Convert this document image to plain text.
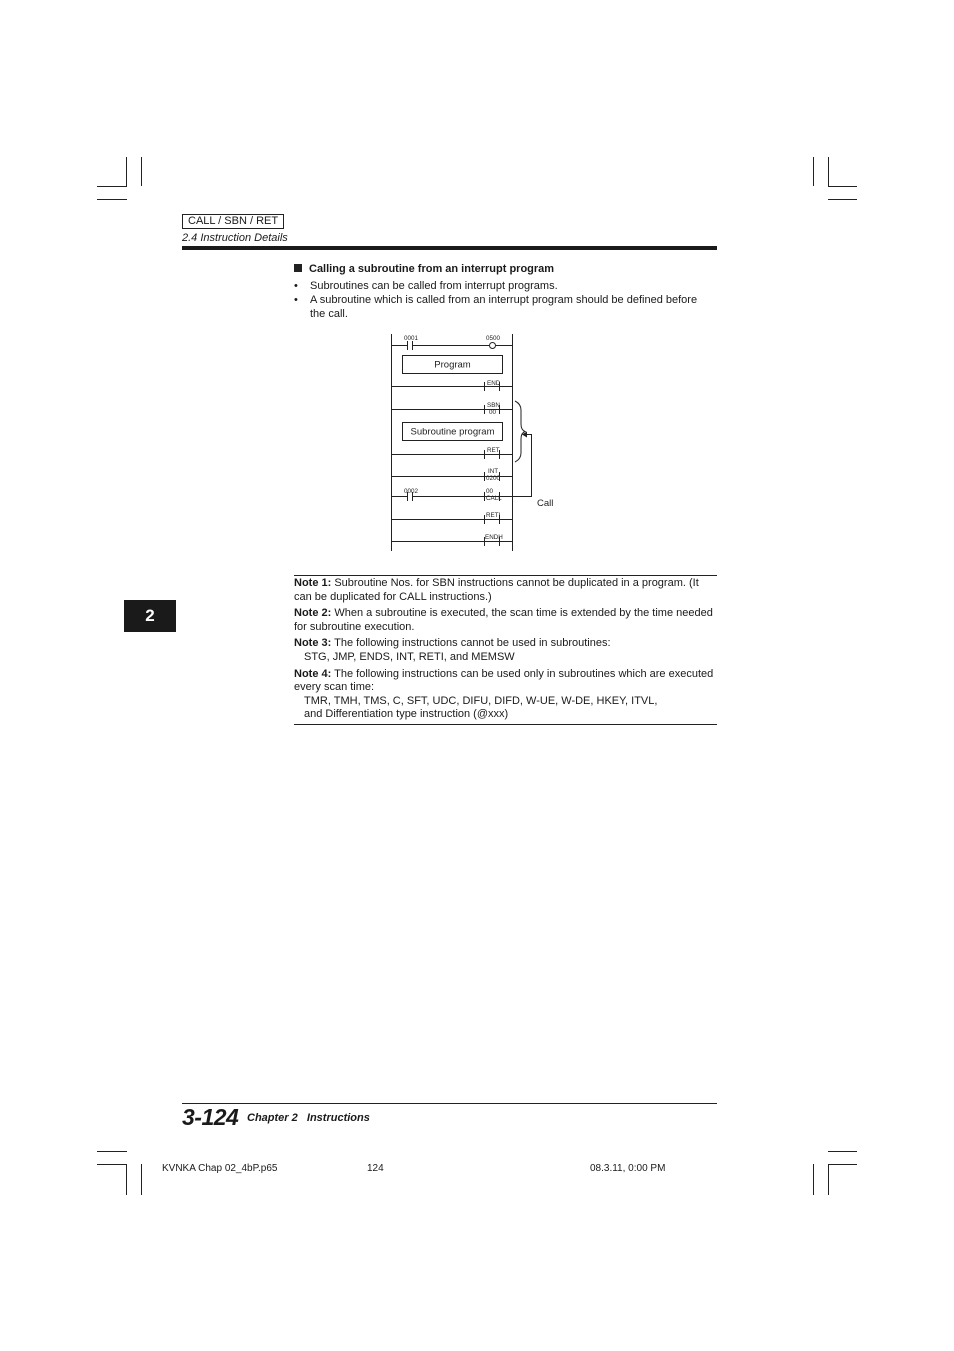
CALL / SBN / RET
2.4 Instruction Details
Calling a subroutine from an interrupt program
• Subroutines can be called from interrupt programs.
• A subroutine which is called from an interrupt program should be defined before the call.
0001	0500
END
SBN
00
RET
INT
0200
0002	00
CALL
RETI
ENDH
Program
Subroutine program
Call
Note 1: Subroutine Nos. for SBN instructions cannot be duplicated in a program. (It can be duplicated for CALL instructions.)
Note 2: When a subroutine is executed, the scan time is extended by the time needed for subroutine execution.
Note 3: The following instructions cannot be used in subroutines:
STG, JMP, ENDS, INT, RETI, and MEMSW
Note 4: The following instructions can be used only in subroutines which are executed every scan time:
TMR, TMH, TMS, C, SFT, UDC, DIFU, DIFD, W-UE, W-DE, HKEY, ITVL,
and Differentiation type instruction (@xxx)
2
3-124 Chapter 2   Instructions
KVNKA Chap 02_4bP.p65	124	08.3.11, 0:00 PM
